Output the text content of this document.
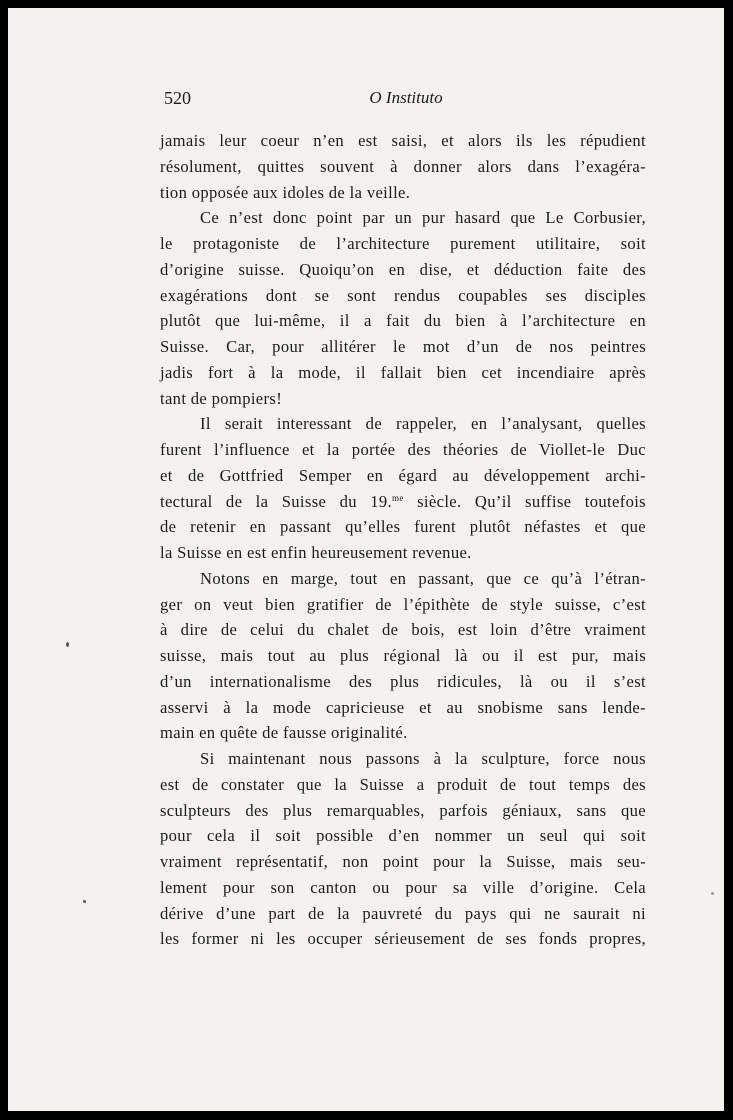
520	O Instituto
jamais leur coeur n’en est saisi, et alors ils les répudient
résolument, quittes souvent à donner alors dans l’exagéra-
tion opposée aux idoles de la veille.
Ce n’est donc point par un pur hasard que Le Corbusier,
le protagoniste de l’architecture purement utilitaire, soit
d’origine suisse. Quoiqu’on en dise, et déduction faite des
exagérations dont se sont rendus coupables ses disciples
plutôt que lui-même, il a fait du bien à l’architecture en
Suisse. Car, pour allitérer le mot d’un de nos peintres
jadis fort à la mode, il fallait bien cet incendiaire après
tant de pompiers!
Il serait interessant de rappeler, en l’analysant, quelles
furent l’influence et la portée des théories de Viollet-le Duc
et de Gottfried Semper en égard au développement archi-
tectural de la Suisse du 19.$^{me}$ siècle. Qu’il suffise toutefois
de retenir en passant qu’elles furent plutôt néfastes et que
la Suisse en est enfin heureusement revenue.
Notons en marge, tout en passant, que ce qu’à l’étran-
ger on veut bien gratifier de l’épithète de style suisse, c’est
à dire de celui du chalet de bois, est loin d’être vraiment
suisse, mais tout au plus régional là ou il est pur, mais
d’un internationalisme des plus ridicules, là ou il s’est
asservi à la mode capricieuse et au snobisme sans lende-
main en quête de fausse originalité.
Si maintenant nous passons à la sculpture, force nous
est de constater que la Suisse a produit de tout temps des
sculpteurs des plus remarquables, parfois géniaux, sans que
pour cela il soit possible d’en nommer un seul qui soit
vraiment représentatif, non point pour la Suisse, mais seu-
lement pour son canton ou pour sa ville d’origine. Cela
dérive d’une part de la pauvreté du pays qui ne saurait ni
les former ni les occuper sérieusement de ses fonds propres,
